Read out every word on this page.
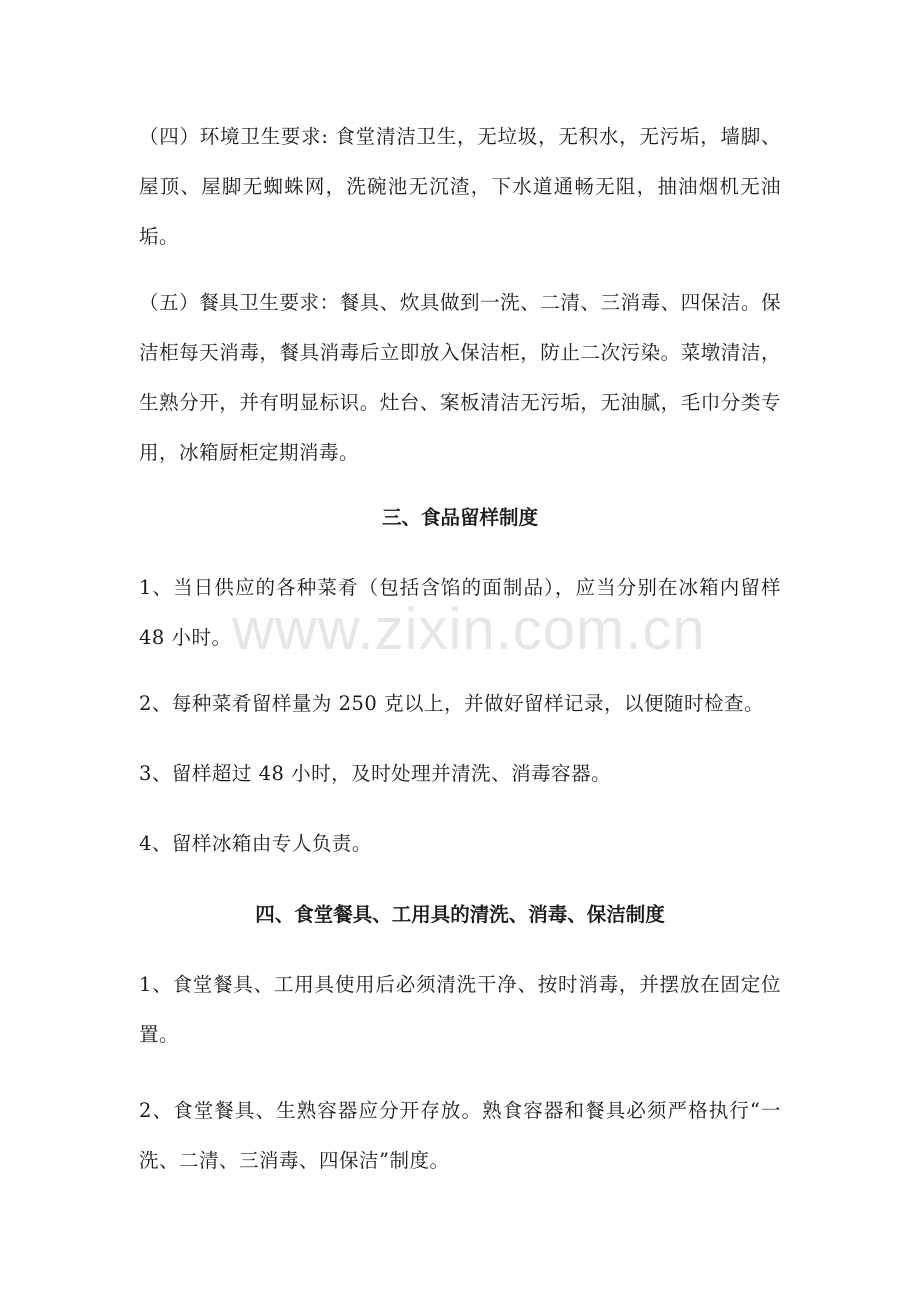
（四）环境卫生要求: 食堂清洁卫生，无垃圾，无积水，无污垢，墙脚、屋顶、屋脚无蜘蛛网，洗碗池无沉渣，下水道通畅无阻，抽油烟机无油垢。

（五）餐具卫生要求：餐具、炊具做到一洗、二清、三消毒、四保洁。保洁柜每天消毒，餐具消毒后立即放入保洁柜，防止二次污染。菜墩清洁，生熟分开，并有明显标识。灶台、案板清洁无污垢，无油腻，毛巾分类专用，冰箱厨柜定期消毒。

三、食品留样制度

1、当日供应的各种菜肴（包括含馅的面制品），应当分别在冰箱内留样 48 小时。

2、每种菜肴留样量为 250 克以上，并做好留样记录，以便随时检查。

3、留样超过 48 小时，及时处理并清洗、消毒容器。

4、留样冰箱由专人负责。

四、食堂餐具、工用具的清洗、消毒、保洁制度

1、食堂餐具、工用具使用后必须清洗干净、按时消毒，并摆放在固定位置。

2、食堂餐具、生熟容器应分开存放。熟食容器和餐具必须严格执行“一洗、二清、三消毒、四保洁”制度。

www.zixin.com.cn
